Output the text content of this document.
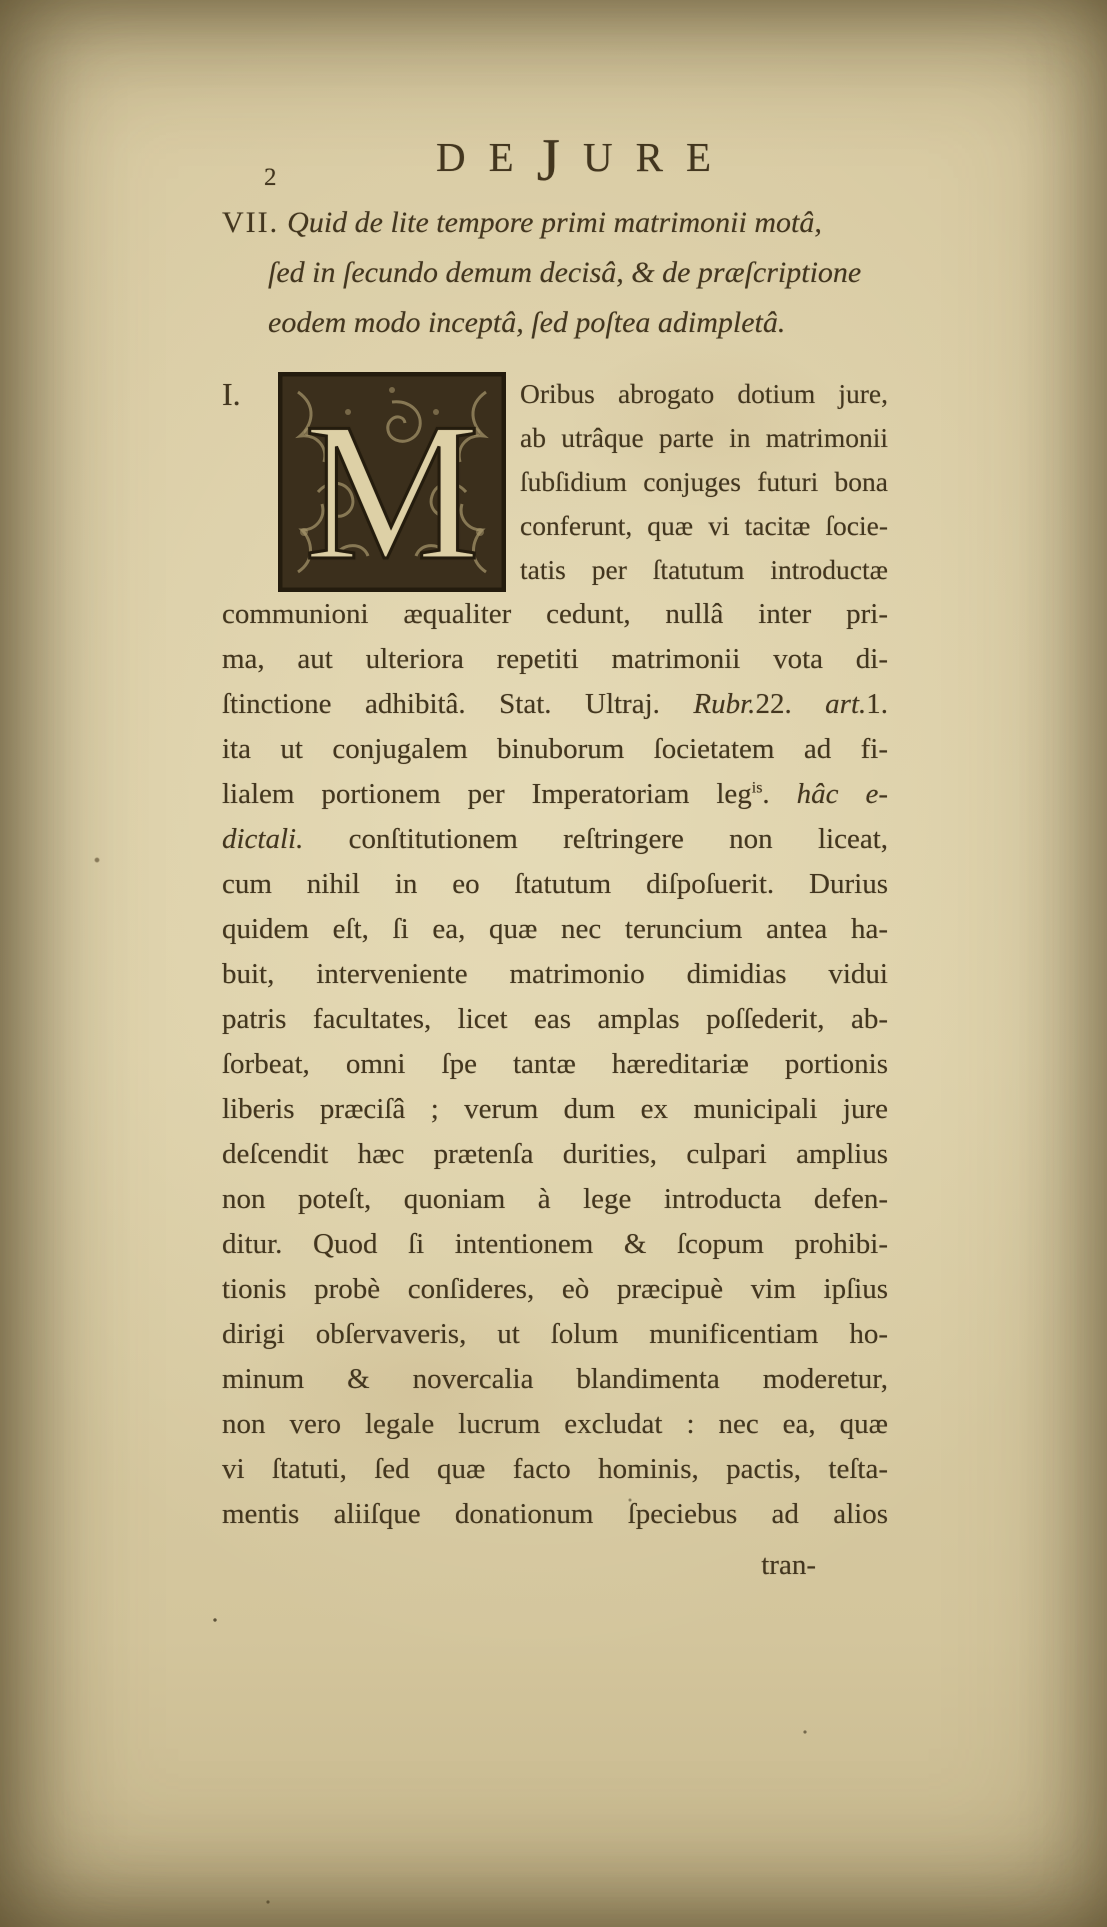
2	DEJURE
VII. Quid de lite tempore primi matrimonii motâ,
ſed in ſecundo demum decisâ, & de præſcriptione
eodem modo inceptâ, ſed poſtea adimpletâ.
I. M Oribus abrogato dotium jure,
ab utrâque parte in matrimonii
ſubſidium conjuges futuri bona
conferunt, quæ vi tacitæ ſocie-
tatis per ſtatutum introductæ
communioni æqualiter cedunt, nullâ inter pri-
ma, aut ulteriora repetiti matrimonii vota di-
ſtinctione adhibitâ. Stat. Ultraj. Rubr.22. art.1.
ita ut conjugalem binuborum ſocietatem ad fi-
lialem portionem per Imperatoriam leg$^{is}$. hâc e-
dictali. conſtitutionem reſtringere non liceat,
cum nihil in eo ſtatutum diſpoſuerit. Durius
quidem eſt, ſi ea, quæ nec teruncium antea ha-
buit, interveniente matrimonio dimidias vidui
patris facultates, licet eas amplas poſſederit, ab-
ſorbeat, omni ſpe tantæ hæreditariæ portionis
liberis præciſâ ; verum dum ex municipali jure
deſcendit hæc prætenſa durities, culpari amplius
non poteſt, quoniam à lege introducta defen-
ditur. Quod ſi intentionem & ſcopum prohibi-
tionis probè conſideres, eò præcipuè vim ipſius
dirigi obſervaveris, ut ſolum munificentiam ho-
minum & novercalia blandimenta moderetur,
non vero legale lucrum excludat : nec ea, quæ
vi ſtatuti, ſed quæ facto hominis, pactis, teſta-
mentis aliiſque donationum ſpeciebus ad alios
tran-
